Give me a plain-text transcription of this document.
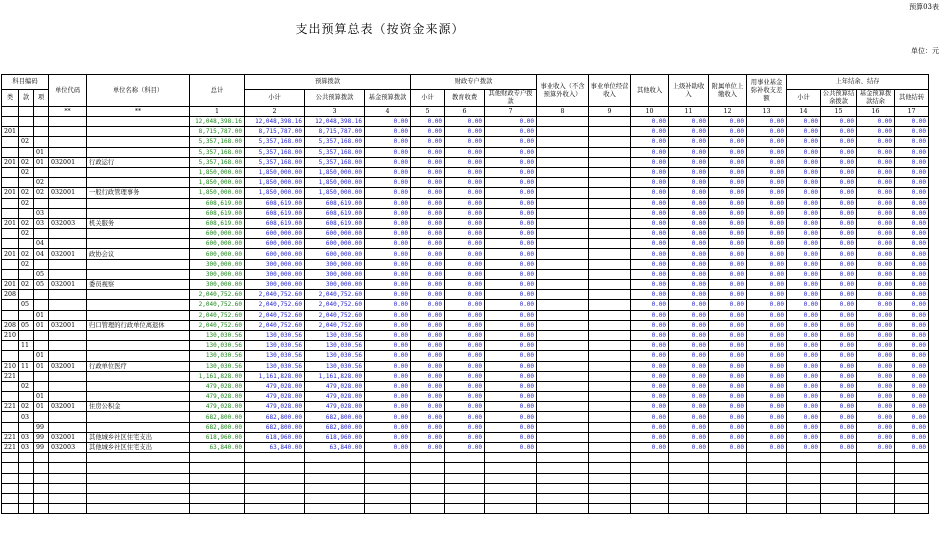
预算03表
支出预算总表（按资金来源）
单位：元
科目编码			单位代码	单位名称（科目）	总计	预算拨款			财政专户拨款			事业收入（不含预算外收入）	事业单位经营收入	其他收入	上级补助收入	附属单位上缴收入	用事业基金弥补收支差额	上年结余、结存			
类	款	项				小计	公共预算拨款	基金预算拨款	小计	教育收费	其他财政专户拨款							小计	公共预算结余拨款	基金预算拨款结余	其他结转
			**	**	1	2	3	4	5	6	7	8	9	10	11	12	13	14	15	16	17
					12,048,398.16	12,048,398.16	12,048,398.16	0.00	0.00	0.00	0.00			0.00	0.00	0.00	0.00	0.00	0.00	0.00	0.00
201					8,715,787.00	8,715,787.00	8,715,787.00	0.00	0.00	0.00	0.00			0.00	0.00	0.00	0.00	0.00	0.00	0.00	0.00
	02				5,357,168.00	5,357,168.00	5,357,168.00	0.00	0.00	0.00	0.00			0.00	0.00	0.00	0.00	0.00	0.00	0.00	0.00
		01			5,357,168.00	5,357,168.00	5,357,168.00	0.00	0.00	0.00	0.00			0.00	0.00	0.00	0.00	0.00	0.00	0.00	0.00
201	02	01	032001	行政运行	5,357,168.00	5,357,168.00	5,357,168.00	0.00	0.00	0.00	0.00			0.00	0.00	0.00	0.00	0.00	0.00	0.00	0.00
	02				1,850,000.00	1,850,000.00	1,850,000.00	0.00	0.00	0.00	0.00			0.00	0.00	0.00	0.00	0.00	0.00	0.00	0.00
		02			1,850,000.00	1,850,000.00	1,850,000.00	0.00	0.00	0.00	0.00			0.00	0.00	0.00	0.00	0.00	0.00	0.00	0.00
201	02	02	032001	一般行政管理事务	1,850,000.00	1,850,000.00	1,850,000.00	0.00	0.00	0.00	0.00			0.00	0.00	0.00	0.00	0.00	0.00	0.00	0.00
	02				608,619.00	608,619.00	608,619.00	0.00	0.00	0.00	0.00			0.00	0.00	0.00	0.00	0.00	0.00	0.00	0.00
		03			608,619.00	608,619.00	608,619.00	0.00	0.00	0.00	0.00			0.00	0.00	0.00	0.00	0.00	0.00	0.00	0.00
201	02	03	032003	机关服务	608,619.00	608,619.00	608,619.00	0.00	0.00	0.00	0.00			0.00	0.00	0.00	0.00	0.00	0.00	0.00	0.00
	02				600,000.00	600,000.00	600,000.00	0.00	0.00	0.00	0.00			0.00	0.00	0.00	0.00	0.00	0.00	0.00	0.00
		04			600,000.00	600,000.00	600,000.00	0.00	0.00	0.00	0.00			0.00	0.00	0.00	0.00	0.00	0.00	0.00	0.00
201	02	04	032001	政协会议	600,000.00	600,000.00	600,000.00	0.00	0.00	0.00	0.00			0.00	0.00	0.00	0.00	0.00	0.00	0.00	0.00
	02				300,000.00	300,000.00	300,000.00	0.00	0.00	0.00	0.00			0.00	0.00	0.00	0.00	0.00	0.00	0.00	0.00
		05			300,000.00	300,000.00	300,000.00	0.00	0.00	0.00	0.00			0.00	0.00	0.00	0.00	0.00	0.00	0.00	0.00
201	02	05	032001	委员视察	300,000.00	300,000.00	300,000.00	0.00	0.00	0.00	0.00			0.00	0.00	0.00	0.00	0.00	0.00	0.00	0.00
208					2,040,752.60	2,040,752.60	2,040,752.60	0.00	0.00	0.00	0.00			0.00	0.00	0.00	0.00	0.00	0.00	0.00	0.00
	05				2,040,752.60	2,040,752.60	2,040,752.60	0.00	0.00	0.00	0.00			0.00	0.00	0.00	0.00	0.00	0.00	0.00	0.00
		01			2,040,752.60	2,040,752.60	2,040,752.60	0.00	0.00	0.00	0.00			0.00	0.00	0.00	0.00	0.00	0.00	0.00	0.00
208	05	01	032001	归口管理的行政单位离退休	2,040,752.60	2,040,752.60	2,040,752.60	0.00	0.00	0.00	0.00			0.00	0.00	0.00	0.00	0.00	0.00	0.00	0.00
210					130,030.56	130,030.56	130,030.56	0.00	0.00	0.00	0.00			0.00	0.00	0.00	0.00	0.00	0.00	0.00	0.00
	11				130,030.56	130,030.56	130,030.56	0.00	0.00	0.00	0.00			0.00	0.00	0.00	0.00	0.00	0.00	0.00	0.00
		01			130,030.56	130,030.56	130,030.56	0.00	0.00	0.00	0.00			0.00	0.00	0.00	0.00	0.00	0.00	0.00	0.00
210	11	01	032001	行政单位医疗	130,030.56	130,030.56	130,030.56	0.00	0.00	0.00	0.00			0.00	0.00	0.00	0.00	0.00	0.00	0.00	0.00
221					1,161,828.00	1,161,828.00	1,161,828.00	0.00	0.00	0.00	0.00			0.00	0.00	0.00	0.00	0.00	0.00	0.00	0.00
	02				479,028.00	479,028.00	479,028.00	0.00	0.00	0.00	0.00			0.00	0.00	0.00	0.00	0.00	0.00	0.00	0.00
		01			479,028.00	479,028.00	479,028.00	0.00	0.00	0.00	0.00			0.00	0.00	0.00	0.00	0.00	0.00	0.00	0.00
221	02	01	032001	住房公积金	479,028.00	479,028.00	479,028.00	0.00	0.00	0.00	0.00			0.00	0.00	0.00	0.00	0.00	0.00	0.00	0.00
	03				682,800.00	682,800.00	682,800.00	0.00	0.00	0.00	0.00			0.00	0.00	0.00	0.00	0.00	0.00	0.00	0.00
		99			682,800.00	682,800.00	682,800.00	0.00	0.00	0.00	0.00			0.00	0.00	0.00	0.00	0.00	0.00	0.00	0.00
221	03	99	032001	其他城乡社区住宅支出	618,960.00	618,960.00	618,960.00	0.00	0.00	0.00	0.00			0.00	0.00	0.00	0.00	0.00	0.00	0.00	0.00
221	03	99	032003	其他城乡社区住宅支出	63,840.00	63,840.00	63,840.00	0.00	0.00	0.00	0.00			0.00	0.00	0.00	0.00	0.00	0.00	0.00	0.00
